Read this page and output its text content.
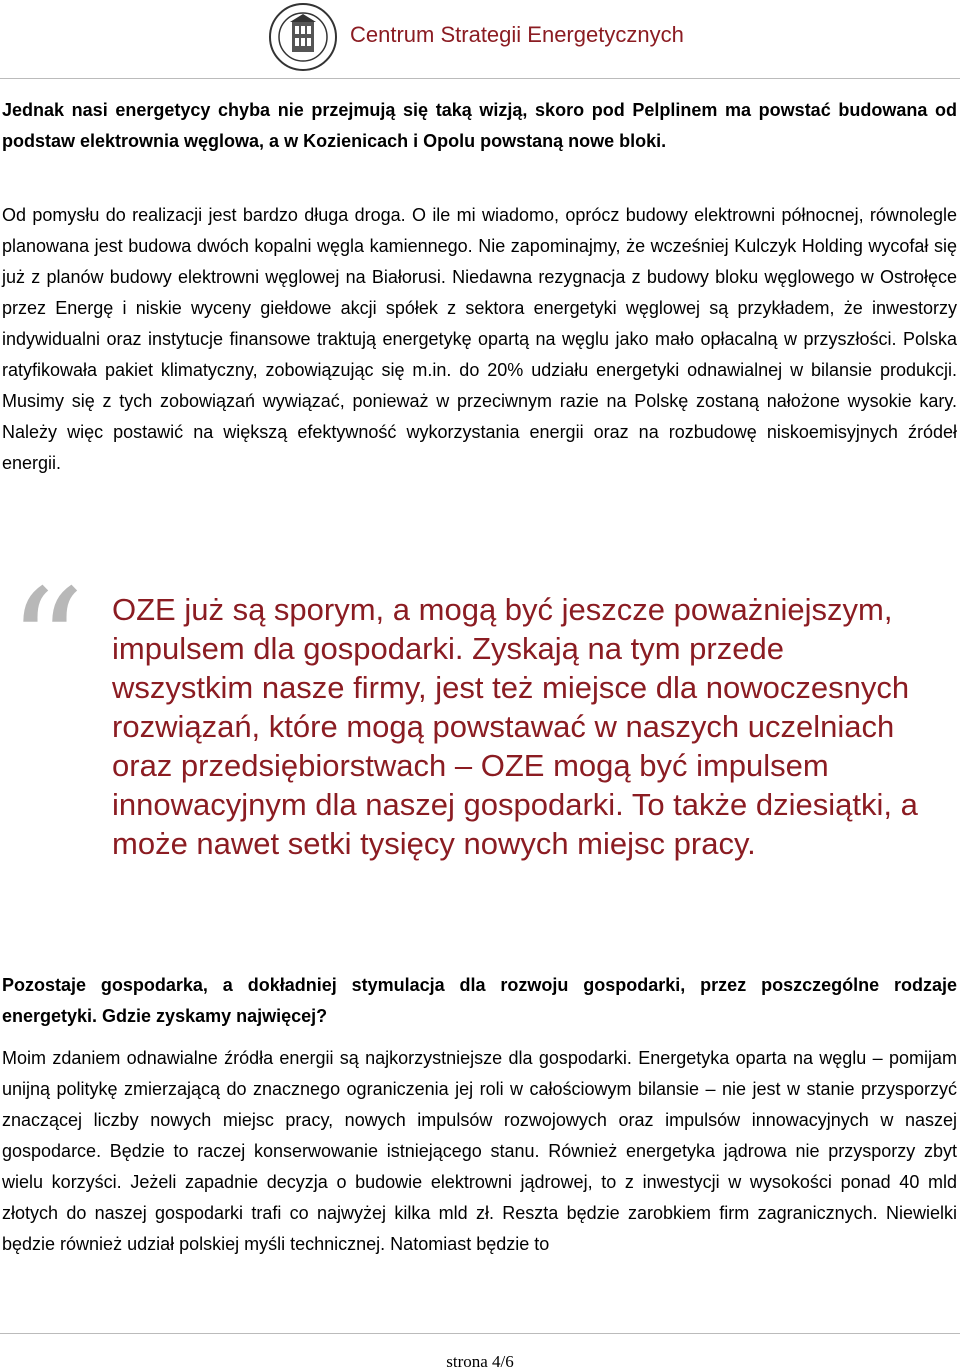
Centrum Strategii Energetycznych

Jednak nasi energetycy chyba nie przejmują się taką wizją, skoro pod Pelplinem ma powstać budowana od podstaw elektrownia węglowa, a w Kozienicach i Opolu powstaną nowe bloki.

Od pomysłu do realizacji jest bardzo długa droga. O ile mi wiadomo, oprócz budowy elektrowni północnej, równolegle planowana jest budowa dwóch kopalni węgla kamiennego. Nie zapominajmy, że wcześniej Kulczyk Holding wycofał się już z planów budowy elektrowni węglowej na Białorusi. Niedawna rezygnacja z budowy bloku węglowego w Ostrołęce przez Energę i niskie wyceny giełdowe akcji spółek z sektora energetyki węglowej są przykładem, że inwestorzy indywidualni oraz instytucje finansowe traktują energetykę opartą na węglu jako mało opłacalną w przyszłości. Polska ratyfikowała pakiet klimatyczny, zobowiązując się m.in. do 20% udziału energetyki odnawialnej w bilansie produkcji. Musimy się z tych zobowiązań wywiązać, ponieważ w przeciwnym razie na Polskę zostaną nałożone wysokie kary. Należy więc postawić na większą efektywność wykorzystania energii oraz na rozbudowę niskoemisyjnych źródeł energii.

“ OZE już są sporym, a mogą być jeszcze poważniejszym, impulsem dla gospodarki. Zyskają na tym przede wszystkim nasze firmy, jest też miejsce dla nowoczesnych rozwiązań, które mogą powstawać w naszych uczelniach oraz przedsiębiorstwach – OZE mogą być impulsem innowacyjnym dla naszej gospodarki. To także dziesiątki, a może nawet setki tysięcy nowych miejsc pracy.

Pozostaje gospodarka, a dokładniej stymulacja dla rozwoju gospodarki, przez poszczególne rodzaje energetyki. Gdzie zyskamy najwięcej?

Moim zdaniem odnawialne źródła energii są najkorzystniejsze dla gospodarki. Energetyka oparta na węglu – pomijam unijną politykę zmierzającą do znacznego ograniczenia jej roli w całościowym bilansie – nie jest w stanie przysporzyć znaczącej liczby nowych miejsc pracy, nowych impulsów rozwojowych oraz impulsów innowacyjnych w naszej gospodarce. Będzie to raczej konserwowanie istniejącego stanu. Również energetyka jądrowa nie przysporzy zbyt wielu korzyści. Jeżeli zapadnie decyzja o budowie elektrowni jądrowej, to z inwestycji w wysokości ponad 40 mld złotych do naszej gospodarki trafi co najwyżej kilka mld zł. Reszta będzie zarobkiem firm zagranicznych. Niewielki będzie również udział polskiej myśli technicznej. Natomiast będzie to

strona 4/6
